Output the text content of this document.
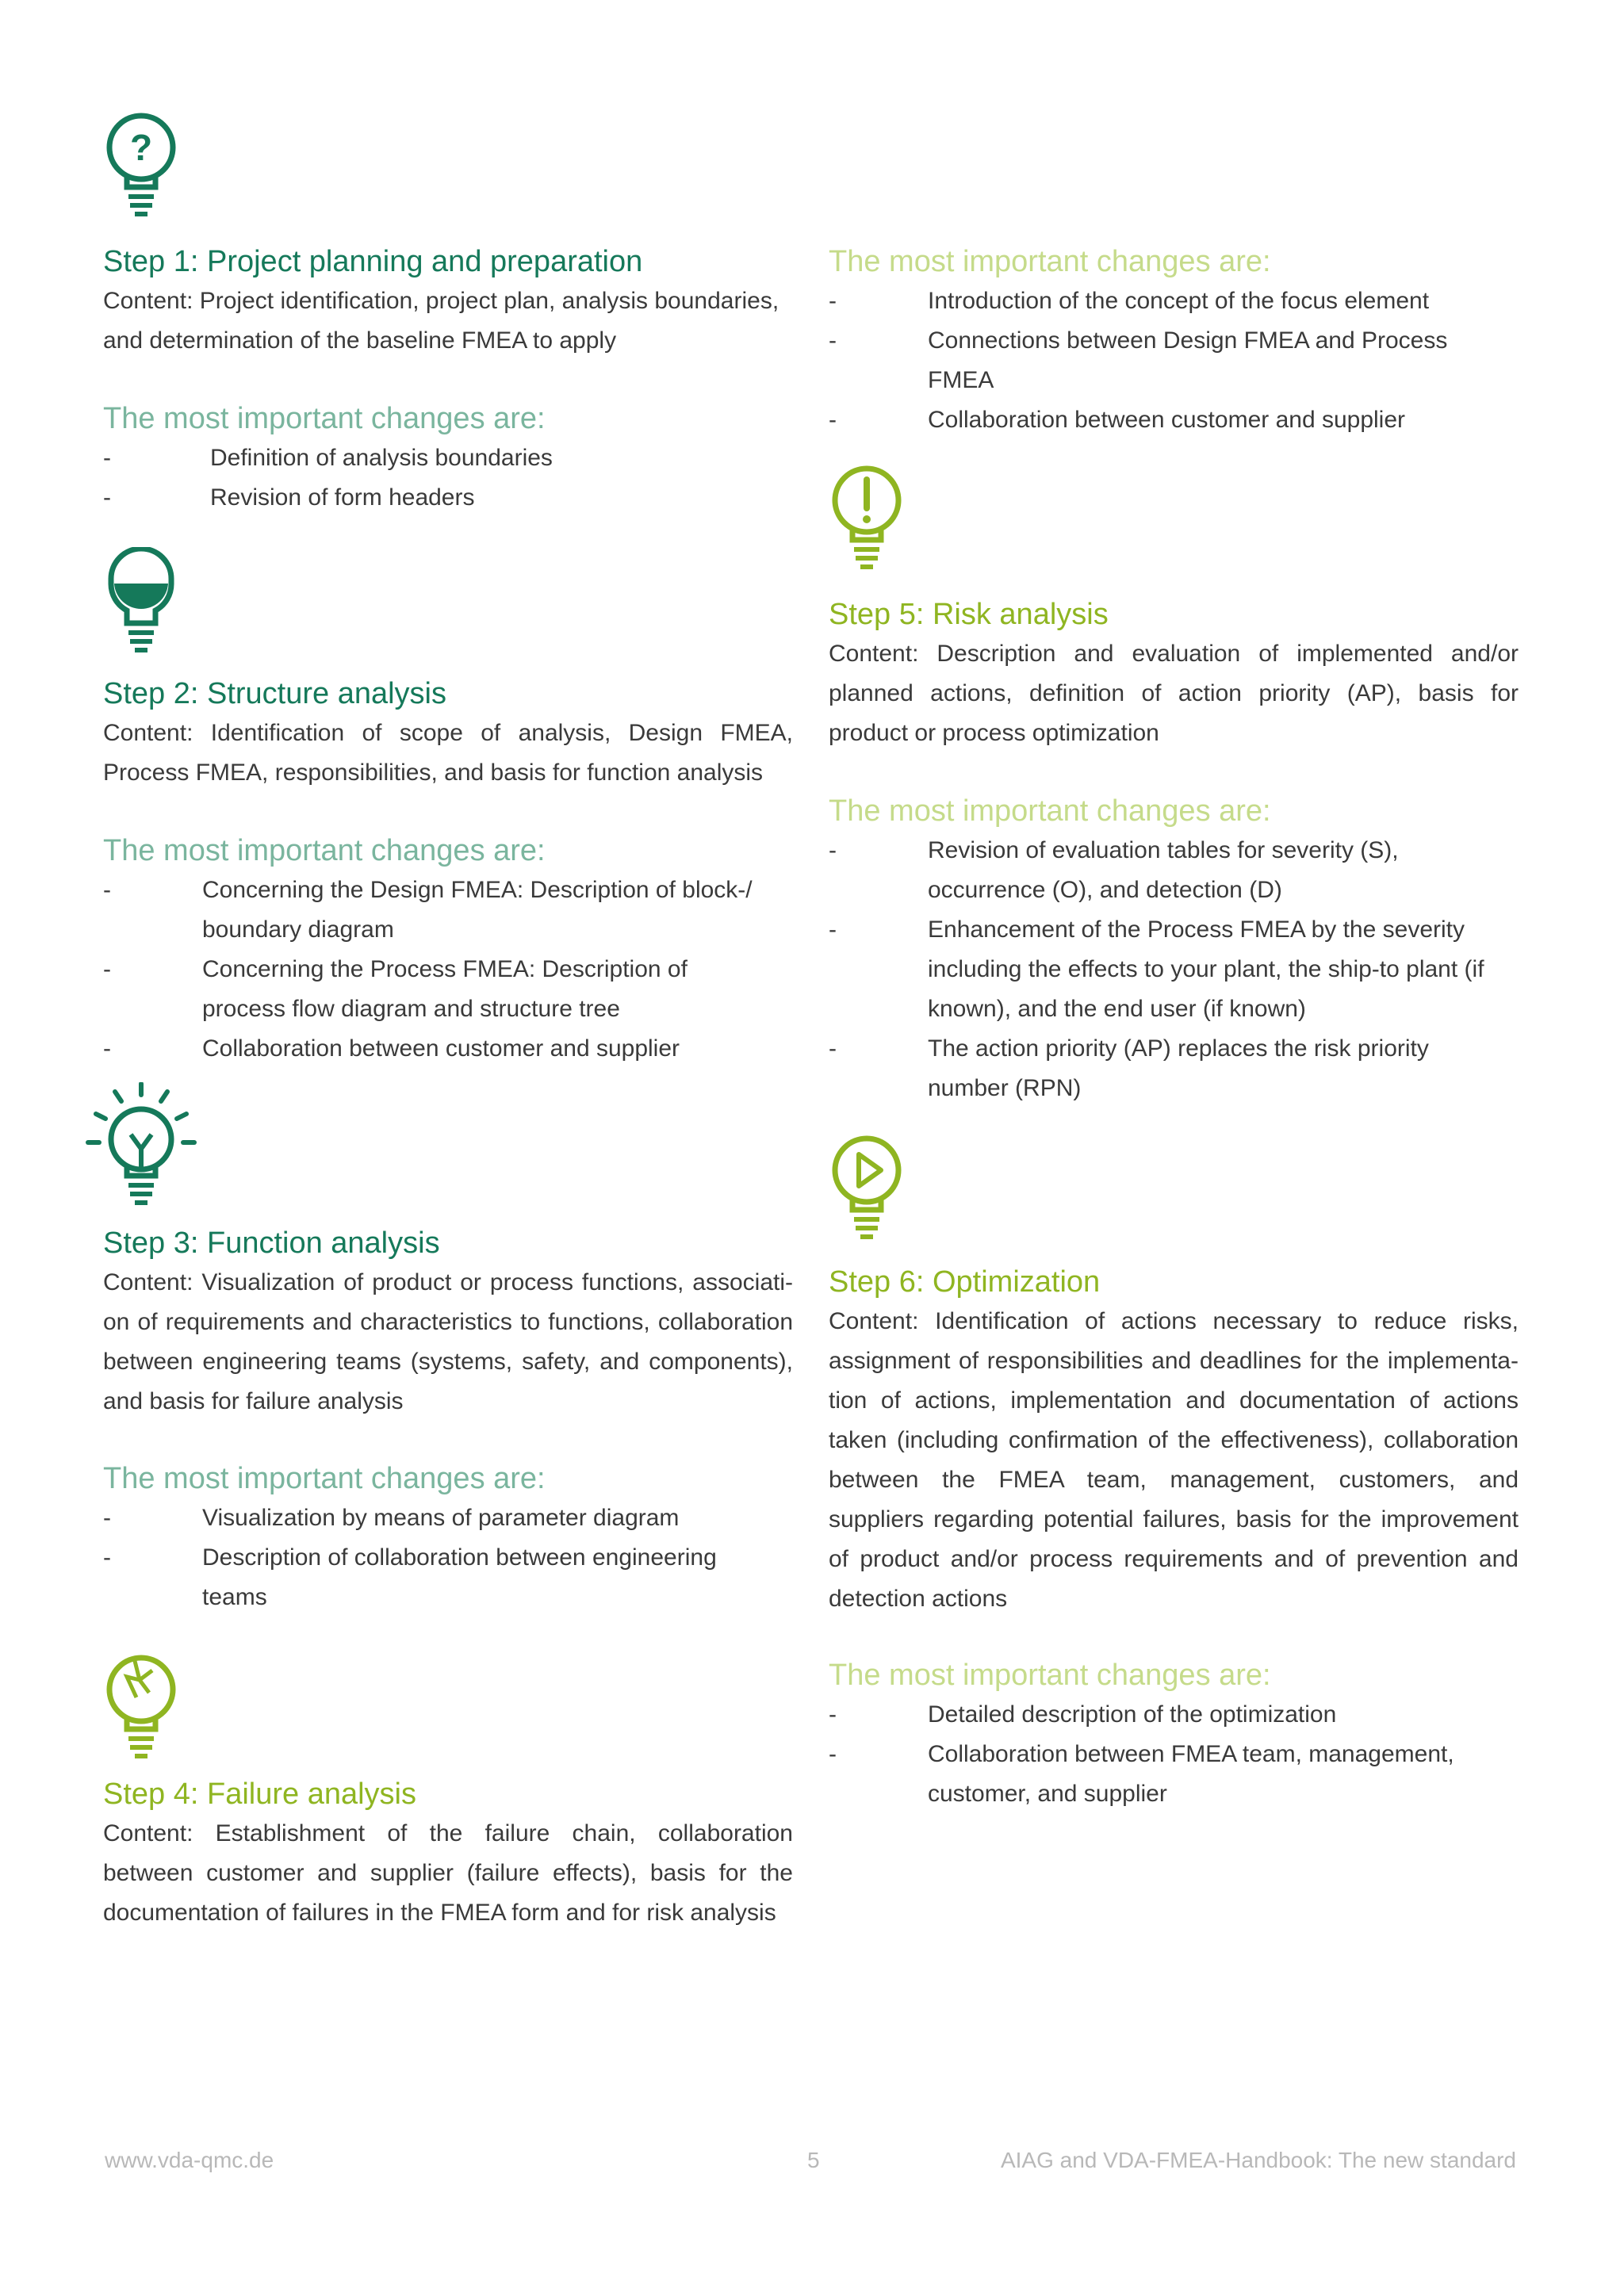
?
Step 1: Project planning and preparation

Content: Project identification, project plan, analysis boundaries, and determination of the baseline FMEA to apply

The most important changes are:
-	Definition of analysis boundaries
-	Revision of form headers
Step 2: Structure analysis

Content: Identification of scope of analysis, Design FMEA, Process FMEA, responsibilities, and basis for function analysis

The most important changes are:
-	Concerning the Design FMEA: Description of block-/ boundary diagram
-	Concerning the Process FMEA: Description of process flow diagram and structure tree
-	Collaboration between customer and supplier
Step 3: Function analysis

Content: Visualization of product or process functions, associati-on of requirements and characteristics to functions, collaboration between engineering teams (systems, safety, and components), and basis for failure analysis

The most important changes are:
-	Visualization by means of parameter diagram
-	Description of collaboration between engineering teams
Step 4: Failure analysis

Content: Establishment of the failure chain, collaboration between customer and supplier (failure effects), basis for the documentation of failures in the FMEA form and for risk analysis

The most important changes are:
-	Introduction of the concept of the focus element
-	Connections between Design FMEA and Process FMEA
-	Collaboration between customer and supplier
Step 5: Risk analysis

Content: Description and evaluation of implemented and/or planned actions, definition of action priority (AP), basis for product or process optimization

The most important changes are:
-	Revision of evaluation tables for severity (S), occurrence (O), and detection (D)
-	Enhancement of the Process FMEA by the severity including the effects to your plant, the ship-to plant (if known), and the end user (if known)
-	The action priority (AP) replaces the risk priority number (RPN)
Step 6: Optimization

Content: Identification of actions necessary to reduce risks, assignment of responsibilities and deadlines for the implementa-tion of actions, implementation and documentation of actions taken (including confirmation of the effectiveness), collaboration between the FMEA team, management, customers, and suppliers regarding potential failures, basis for the improvement of product and/or process requirements and of prevention and detection actions

The most important changes are:
-	Detailed description of the optimization
-	Collaboration between FMEA team, management, customer, and supplier
www.vda-qmc.de	5	AIAG and VDA-FMEA-Handbook: The new standard
